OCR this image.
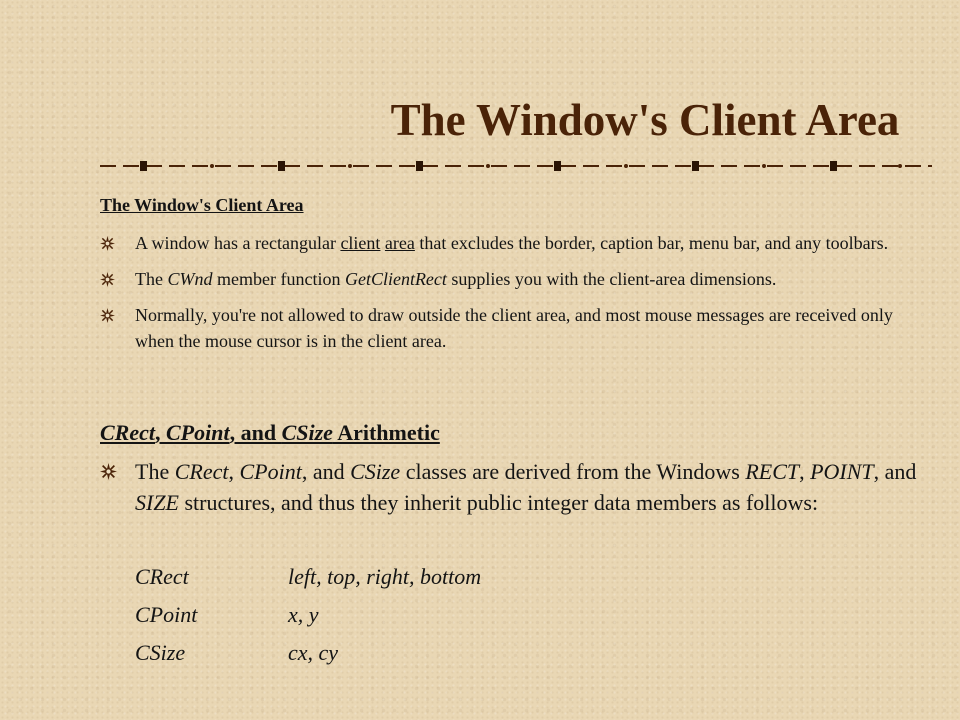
The Window's Client Area
The Window's Client Area
A window has a rectangular client area that excludes the border, caption bar, menu bar, and any toolbars.
The CWnd member function GetClientRect supplies you with the client-area dimensions.
Normally, you're not allowed to draw outside the client area, and most mouse messages are received only when the mouse cursor is in the client area.
CRect, CPoint, and CSize Arithmetic
The CRect, CPoint, and CSize classes are derived from the Windows RECT, POINT, and SIZE structures, and thus they inherit public integer data members as follows:
CRect	left, top, right, bottom
CPoint	x, y
CSize	cx, cy
